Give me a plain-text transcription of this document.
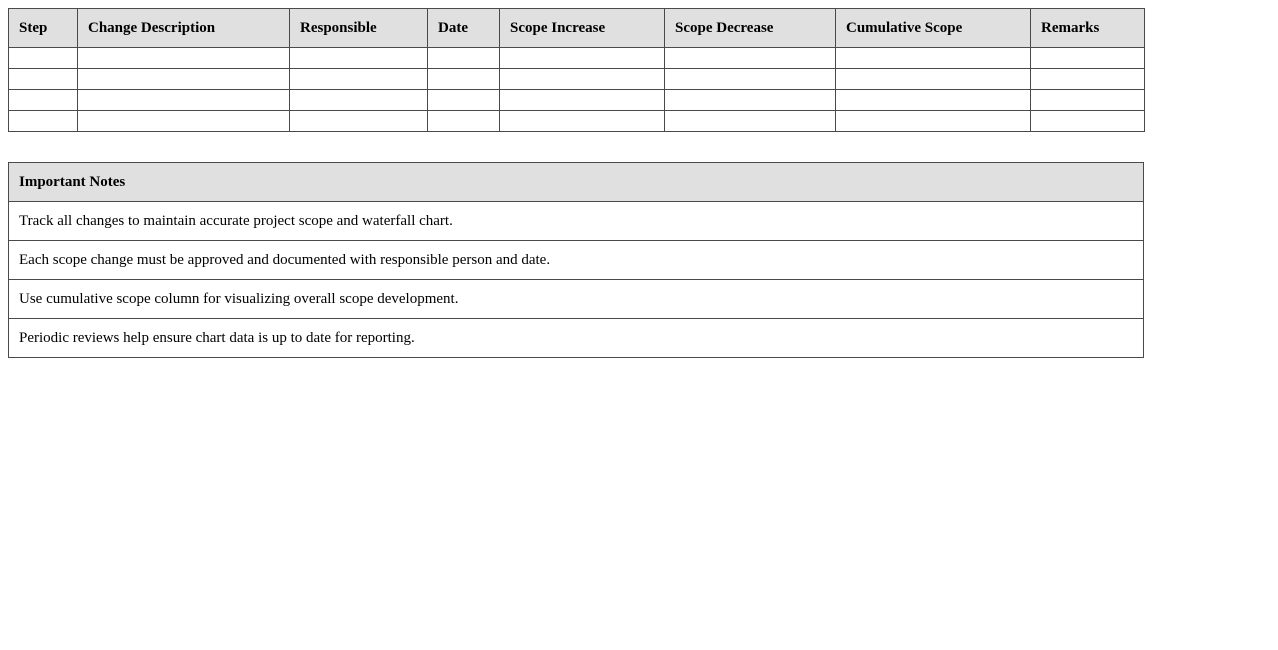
Step	Change Description	Responsible	Date	Scope Increase	Scope Decrease	Cumulative Scope	Remarks

Important Notes
Track all changes to maintain accurate project scope and waterfall chart.
Each scope change must be approved and documented with responsible person and date.
Use cumulative scope column for visualizing overall scope development.
Periodic reviews help ensure chart data is up to date for reporting.
